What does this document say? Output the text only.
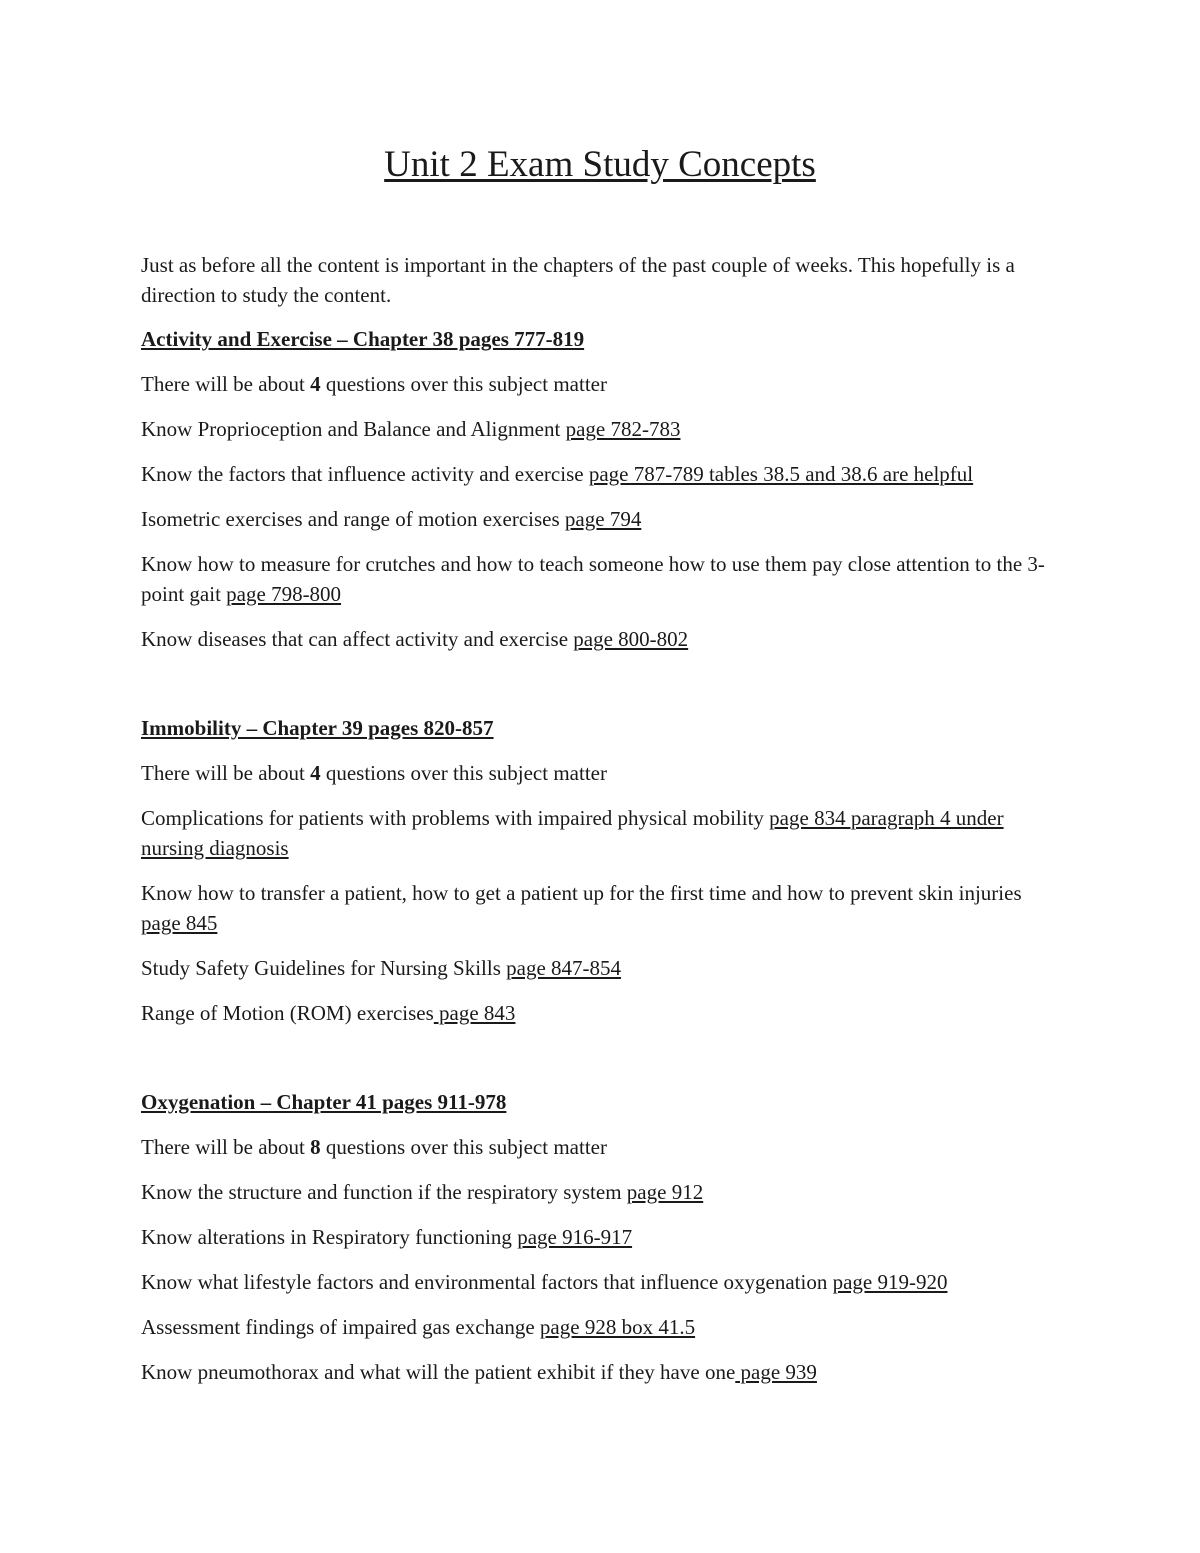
Unit 2 Exam Study Concepts

Just as before all the content is important in the chapters of the past couple of weeks. This hopefully is a direction to study the content.

Activity and Exercise – Chapter 38 pages 777-819

There will be about 4 questions over this subject matter

Know Proprioception and Balance and Alignment page 782-783

Know the factors that influence activity and exercise page 787-789 tables 38.5 and 38.6 are helpful

Isometric exercises and range of motion exercises page 794

Know how to measure for crutches and how to teach someone how to use them pay close attention to the 3-point gait page 798-800

Know diseases that can affect activity and exercise page 800-802

Immobility – Chapter 39 pages 820-857

There will be about 4 questions over this subject matter

Complications for patients with problems with impaired physical mobility page 834 paragraph 4 under nursing diagnosis

Know how to transfer a patient, how to get a patient up for the first time and how to prevent skin injuries page 845

Study Safety Guidelines for Nursing Skills page 847-854

Range of Motion (ROM) exercises page 843

Oxygenation – Chapter 41 pages 911-978

There will be about 8 questions over this subject matter

Know the structure and function if the respiratory system page 912

Know alterations in Respiratory functioning page 916-917

Know what lifestyle factors and environmental factors that influence oxygenation page 919-920

Assessment findings of impaired gas exchange page 928 box 41.5

Know pneumothorax and what will the patient exhibit if they have one page 939
